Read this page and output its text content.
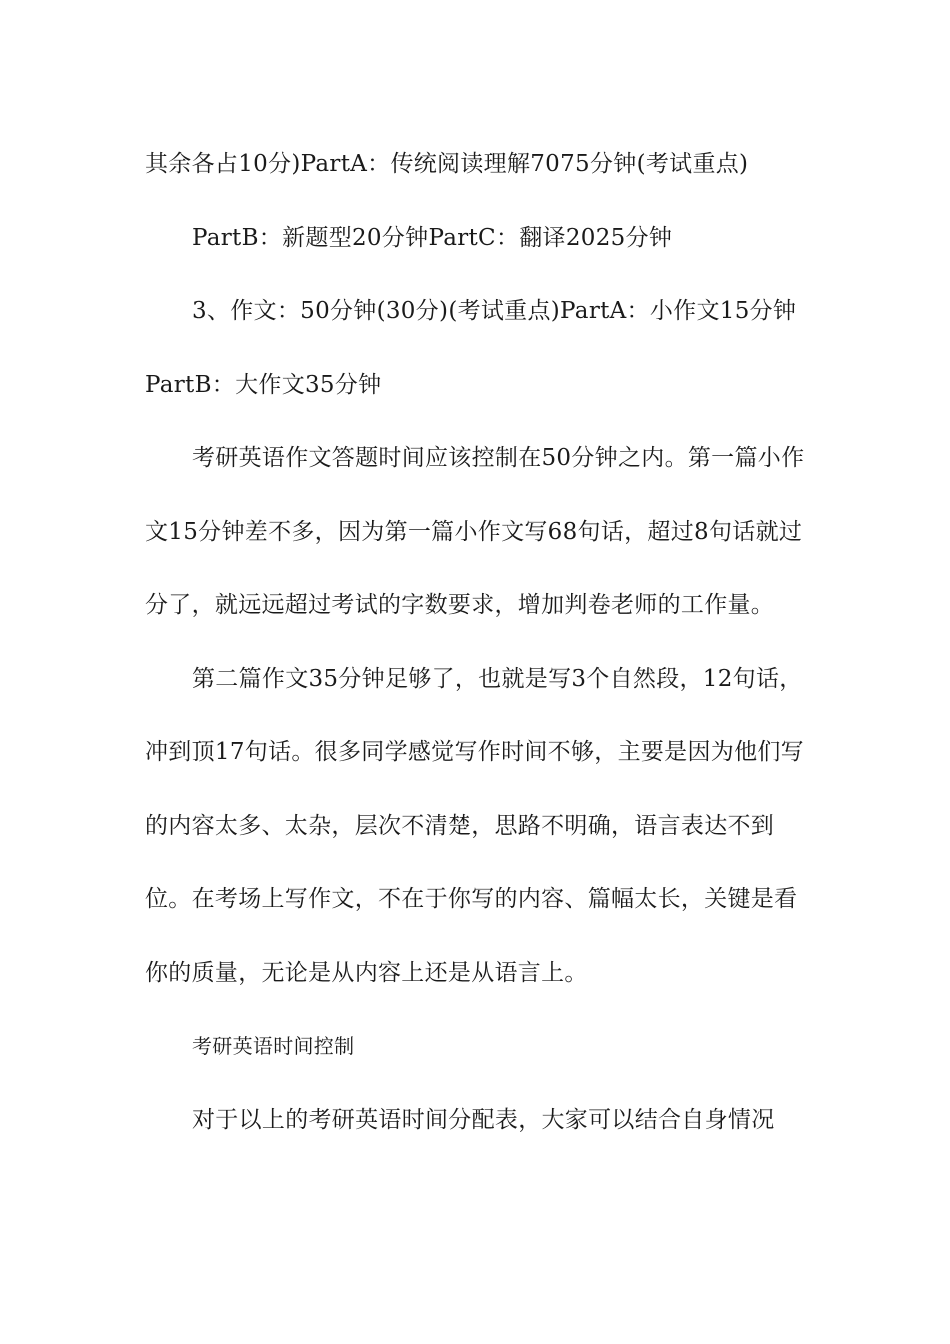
其余各占10分)PartA：传统阅读理解7075分钟(考试重点)

PartB：新题型20分钟PartC：翻译2025分钟

3、作文：50分钟(30分)(考试重点)PartA：小作文15分钟PartB：大作文35分钟

考研英语作文答题时间应该控制在50分钟之内。第一篇小作文15分钟差不多，因为第一篇小作文写68句话，超过8句话就过分了，就远远超过考试的字数要求，增加判卷老师的工作量。

第二篇作文35分钟足够了，也就是写3个自然段，12句话，冲到顶17句话。很多同学感觉写作时间不够，主要是因为他们写的内容太多、太杂，层次不清楚，思路不明确，语言表达不到位。在考场上写作文，不在于你写的内容、篇幅太长，关键是看你的质量，无论是从内容上还是从语言上。

考研英语时间控制

对于以上的考研英语时间分配表，大家可以结合自身情况
